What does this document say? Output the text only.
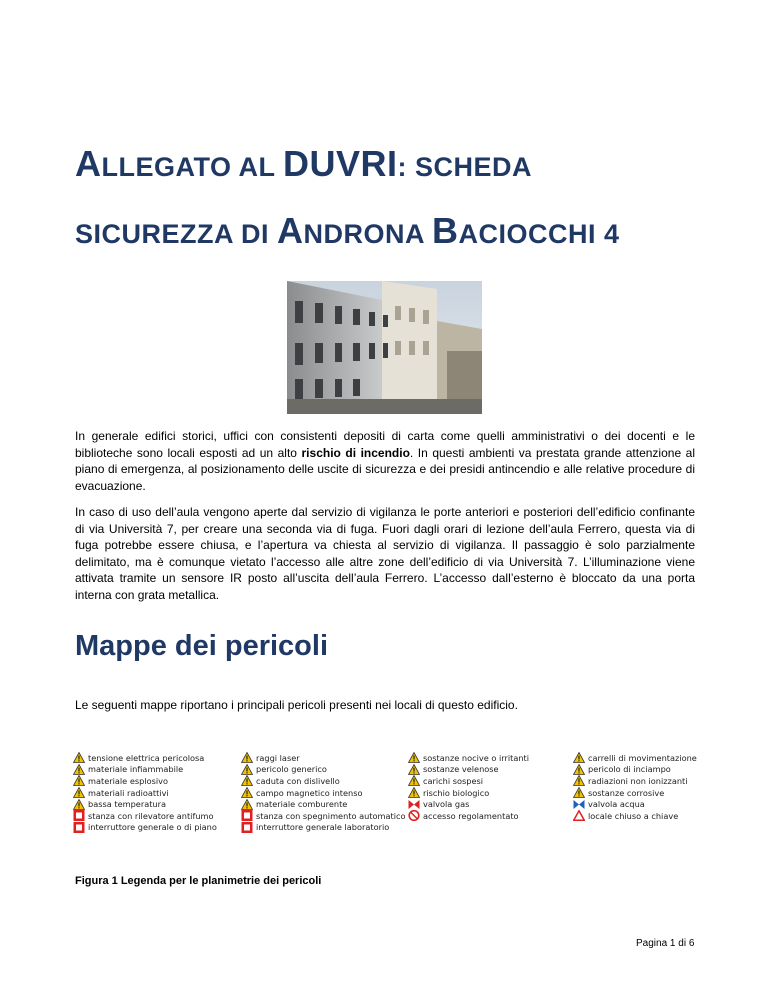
ALLEGATO AL DUVRI: SCHEDA
SICUREZZA DI ANDRONA BACIOCCHI 4

In generale edifici storici, uffici con consistenti depositi di carta come quelli amministrativi o dei docenti e le biblioteche sono locali esposti ad un alto rischio di incendio. In questi ambienti va prestata grande attenzione al piano di emergenza, al posizionamento delle uscite di sicurezza e dei presidi antincendio e alle relative procedure di evacuazione.

In caso di uso dell’aula vengono aperte dal servizio di vigilanza le porte anteriori e posteriori dell’edificio confinante di via Università 7, per creare una seconda via di fuga. Fuori dagli orari di lezione dell’aula Ferrero, questa via di fuga potrebbe essere chiusa, e l’apertura va chiesta al servizio di vigilanza. Il passaggio è solo parzialmente delimitato, ma è comunque vietato l’accesso alle altre zone dell’edificio di via Università 7. L’illuminazione viene attivata tramite un sensore IR posto all’uscita dell’aula Ferrero. L’accesso dall’esterno è bloccato da una porta interna con grata metallica.

Mappe dei pericoli

Le seguenti mappe riportano i principali pericoli presenti nei locali di questo edificio.

tensione elettrica pericolosa
materiale infiammabile
materiale esplosivo
materiali radioattivi
bassa temperatura
stanza con rilevatore antifumo
interruttore generale o di piano
raggi laser
pericolo generico
caduta con dislivello
campo magnetico intenso
materiale comburente
stanza con spegnimento automatico
interruttore generale laboratorio
sostanze nocive o irritanti
sostanze velenose
carichi sospesi
rischio biologico
valvola gas
accesso regolamentato
carrelli di movimentazione
pericolo di inciampo
radiazioni non ionizzanti
sostanze corrosive
valvola acqua
locale chiuso a chiave

Figura 1 Legenda per le planimetrie dei pericoli

Pagina 1 di 6
